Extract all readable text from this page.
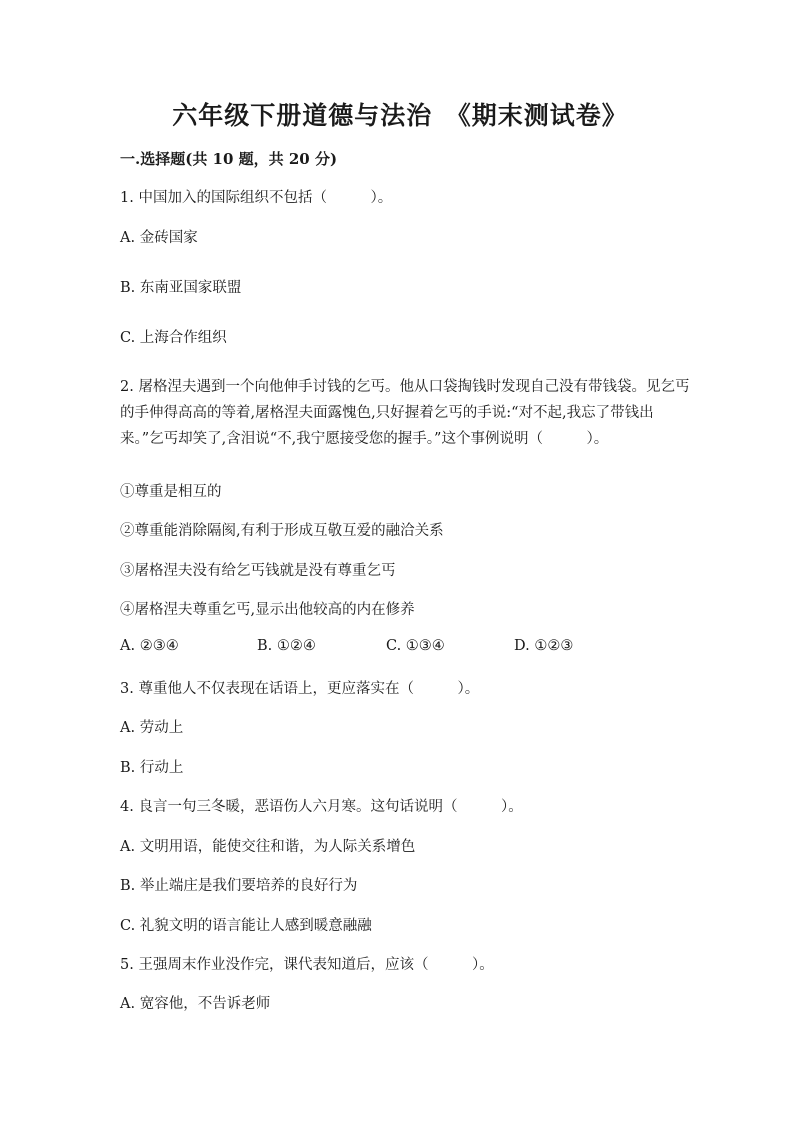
六年级下册道德与法治　《期末测试卷》
一.选择题(共 10 题，共 20 分)
1. 中国加入的国际组织不包括（　　　）。
A. 金砖国家
B. 东南亚国家联盟
C. 上海合作组织
2. 屠格涅夫遇到一个向他伸手讨钱的乞丐。他从口袋掏钱时发现自己没有带钱袋。见乞丐的手伸得高高的等着,屠格涅夫面露愧色,只好握着乞丐的手说:“对不起,我忘了带钱出来。”乞丐却笑了,含泪说“不,我宁愿接受您的握手。”这个事例说明（　　　）。
①尊重是相互的
②尊重能消除隔阂,有利于形成互敬互爱的融洽关系
③屠格涅夫没有给乞丐钱就是没有尊重乞丐
④屠格涅夫尊重乞丐,显示出他较高的内在修养
A. ②③④	B. ①②④	C. ①③④	D. ①②③
3. 尊重他人不仅表现在话语上，更应落实在（　　　）。
A. 劳动上
B. 行动上
4. 良言一句三冬暖，恶语伤人六月寒。这句话说明（　　　）。
A. 文明用语，能使交往和谐，为人际关系增色
B. 举止端庄是我们要培养的良好行为
C. 礼貌文明的语言能让人感到暖意融融
5. 王强周末作业没作完，课代表知道后，应该（　　　）。
A. 宽容他，不告诉老师
